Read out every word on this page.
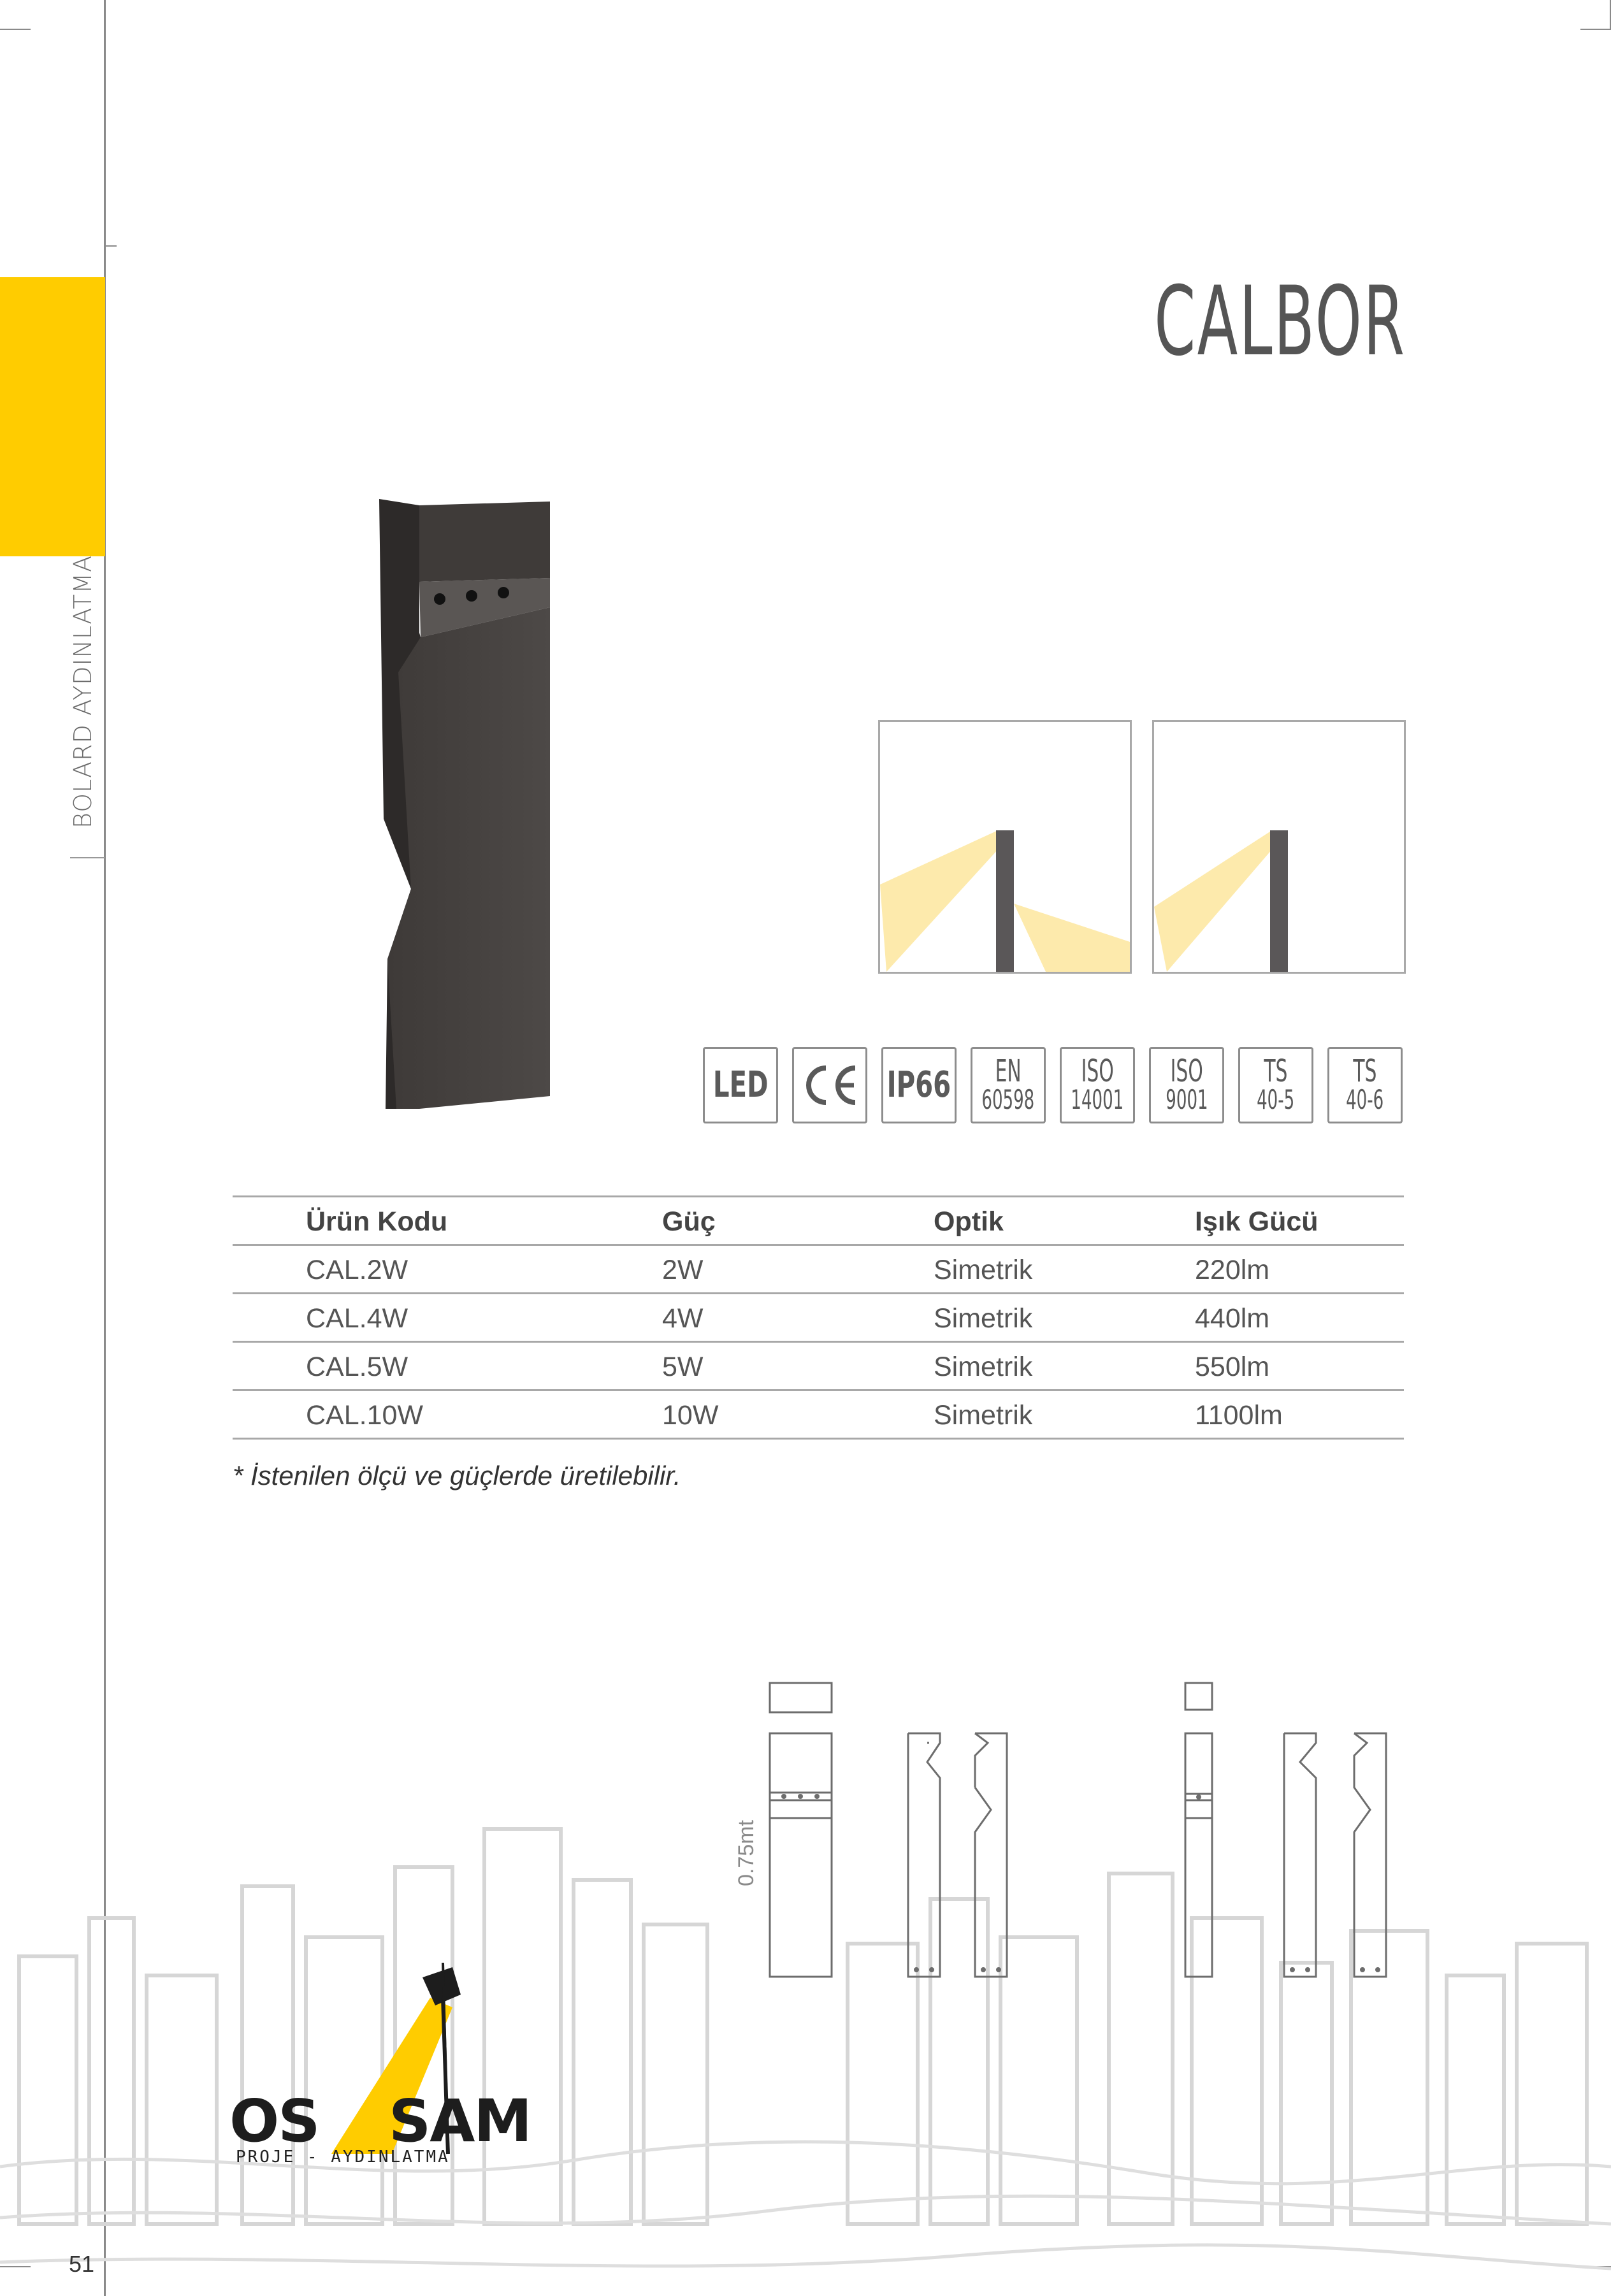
BOLARD AYDINLATMA
CALBOR
LED	IP66 EN
60598
ISO
14001
ISO
9001
TS
40-5
TS
40-6
Ürün Kodu	Güç	Optik	Işık Gücü
CAL.2W	2W	Simetrik	220lm
CAL.4W	4W	Simetrik	440lm
CAL.5W	5W	Simetrik	550lm
CAL.10W	10W	Simetrik	1100lm
* İstenilen ölçü ve güçlerde üretilebilir.
0.75mt
OS SAM
PROJE - AYDINLATMA
51
